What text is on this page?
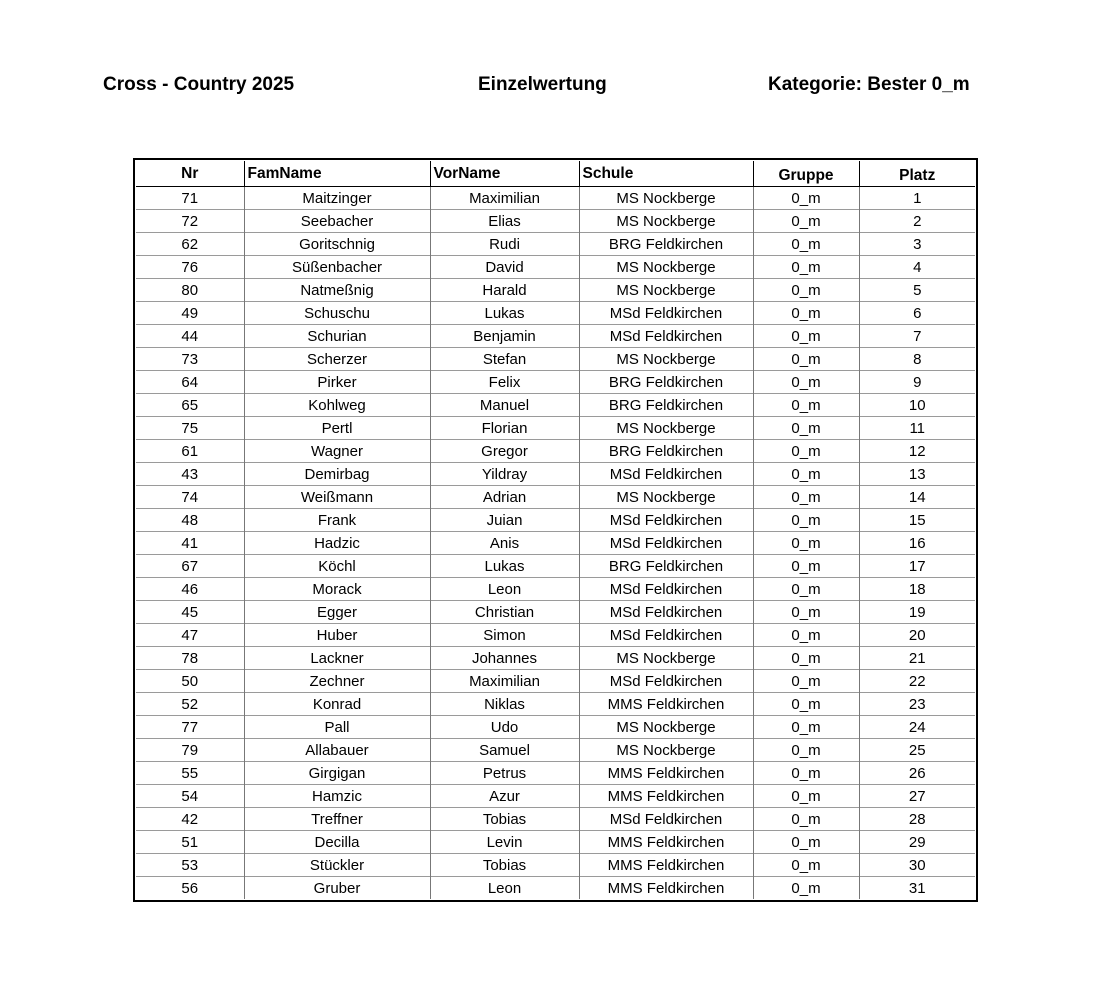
Cross - Country 2025	Einzelwertung	Kategorie: Bester 0_m
Nr	FamName	VorName	Schule	Gruppe	Platz
71	Maitzinger	Maximilian	MS Nockberge	0_m	1
72	Seebacher	Elias	MS Nockberge	0_m	2
62	Goritschnig	Rudi	BRG Feldkirchen	0_m	3
76	Süßenbacher	David	MS Nockberge	0_m	4
80	Natmeßnig	Harald	MS Nockberge	0_m	5
49	Schuschu	Lukas	MSd Feldkirchen	0_m	6
44	Schurian	Benjamin	MSd Feldkirchen	0_m	7
73	Scherzer	Stefan	MS Nockberge	0_m	8
64	Pirker	Felix	BRG Feldkirchen	0_m	9
65	Kohlweg	Manuel	BRG Feldkirchen	0_m	10
75	Pertl	Florian	MS Nockberge	0_m	11
61	Wagner	Gregor	BRG Feldkirchen	0_m	12
43	Demirbag	Yildray	MSd Feldkirchen	0_m	13
74	Weißmann	Adrian	MS Nockberge	0_m	14
48	Frank	Juian	MSd Feldkirchen	0_m	15
41	Hadzic	Anis	MSd Feldkirchen	0_m	16
67	Köchl	Lukas	BRG Feldkirchen	0_m	17
46	Morack	Leon	MSd Feldkirchen	0_m	18
45	Egger	Christian	MSd Feldkirchen	0_m	19
47	Huber	Simon	MSd Feldkirchen	0_m	20
78	Lackner	Johannes	MS Nockberge	0_m	21
50	Zechner	Maximilian	MSd Feldkirchen	0_m	22
52	Konrad	Niklas	MMS Feldkirchen	0_m	23
77	Pall	Udo	MS Nockberge	0_m	24
79	Allabauer	Samuel	MS Nockberge	0_m	25
55	Girgigan	Petrus	MMS Feldkirchen	0_m	26
54	Hamzic	Azur	MMS Feldkirchen	0_m	27
42	Treffner	Tobias	MSd Feldkirchen	0_m	28
51	Decilla	Levin	MMS Feldkirchen	0_m	29
53	Stückler	Tobias	MMS Feldkirchen	0_m	30
56	Gruber	Leon	MMS Feldkirchen	0_m	31
